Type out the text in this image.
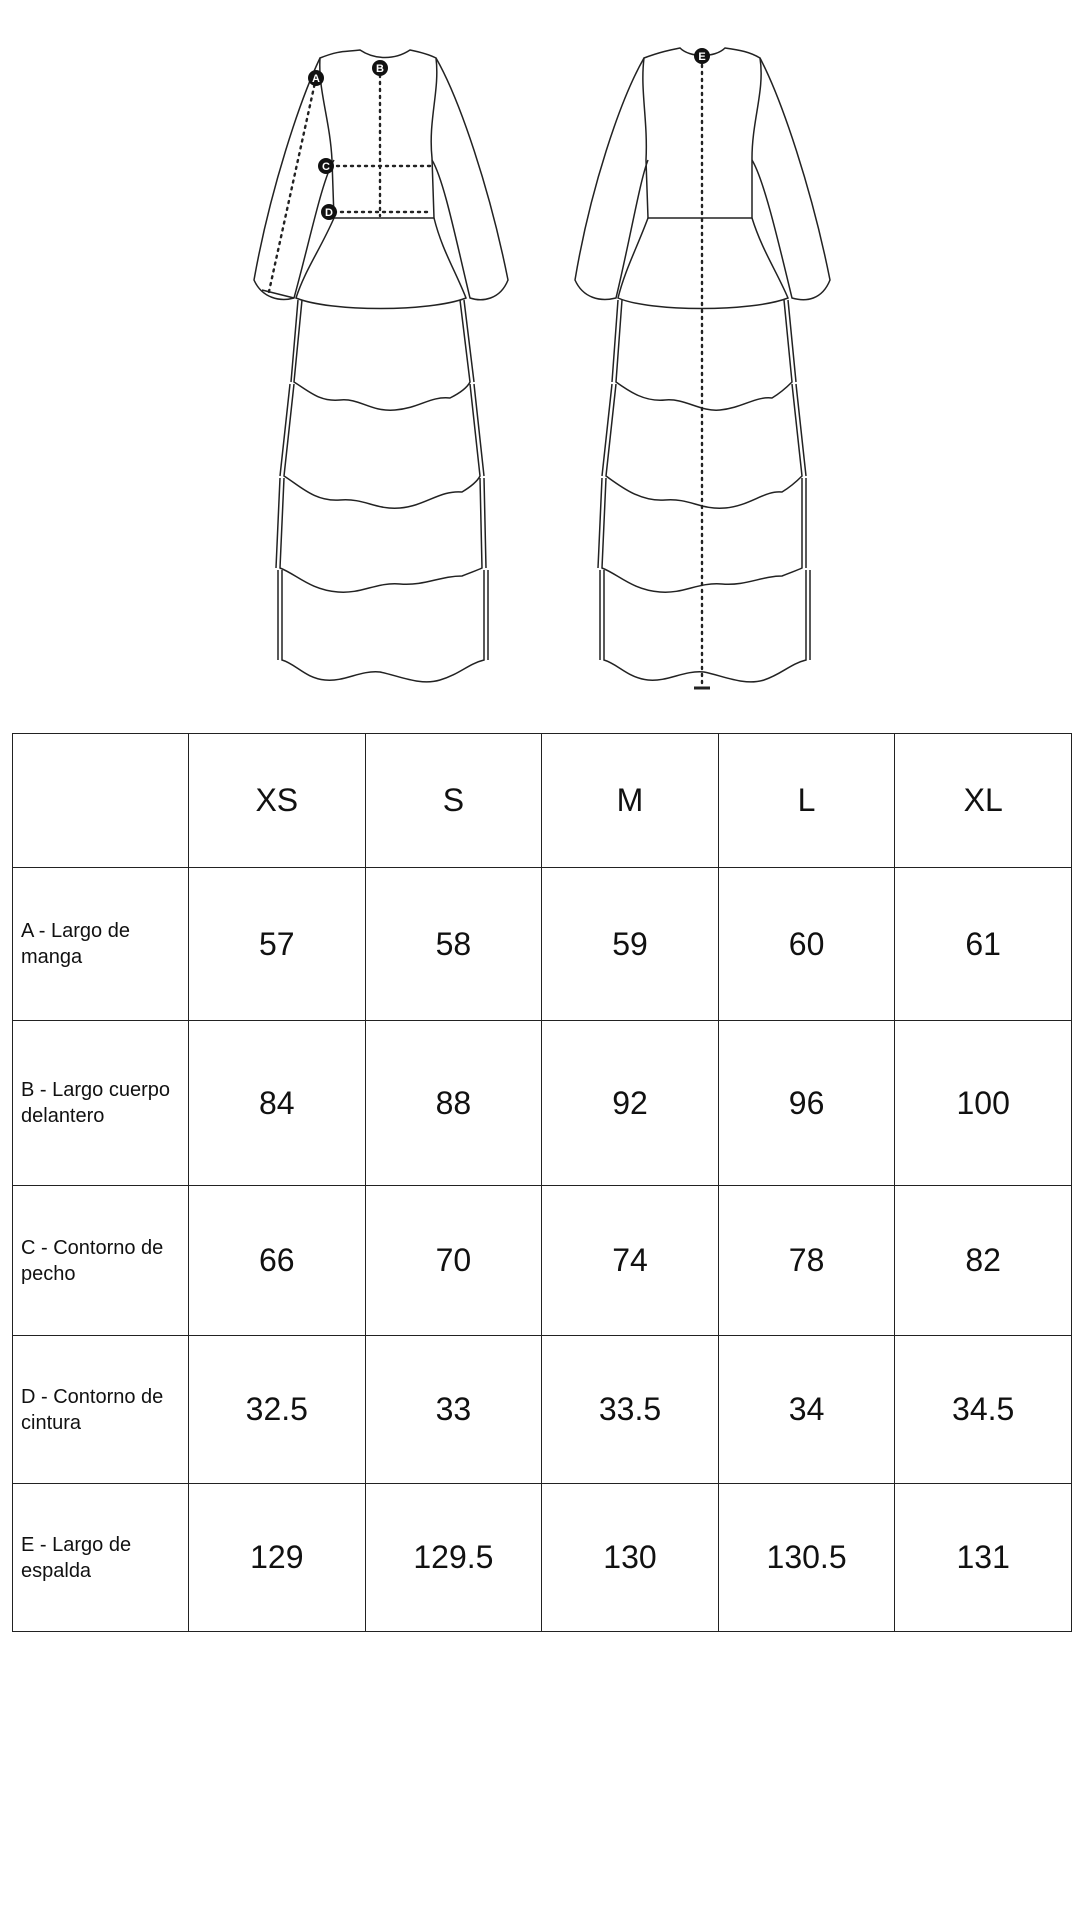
A
B
C
D
E
	XS	S	M	L	XL
A - Largo de manga	57	58	59	60	61
B - Largo cuerpo delantero	84	88	92	96	100
C - Contorno de pecho	66	70	74	78	82
D - Contorno de cintura	32.5	33	33.5	34	34.5
E - Largo de espalda	129	129.5	130	130.5	131
